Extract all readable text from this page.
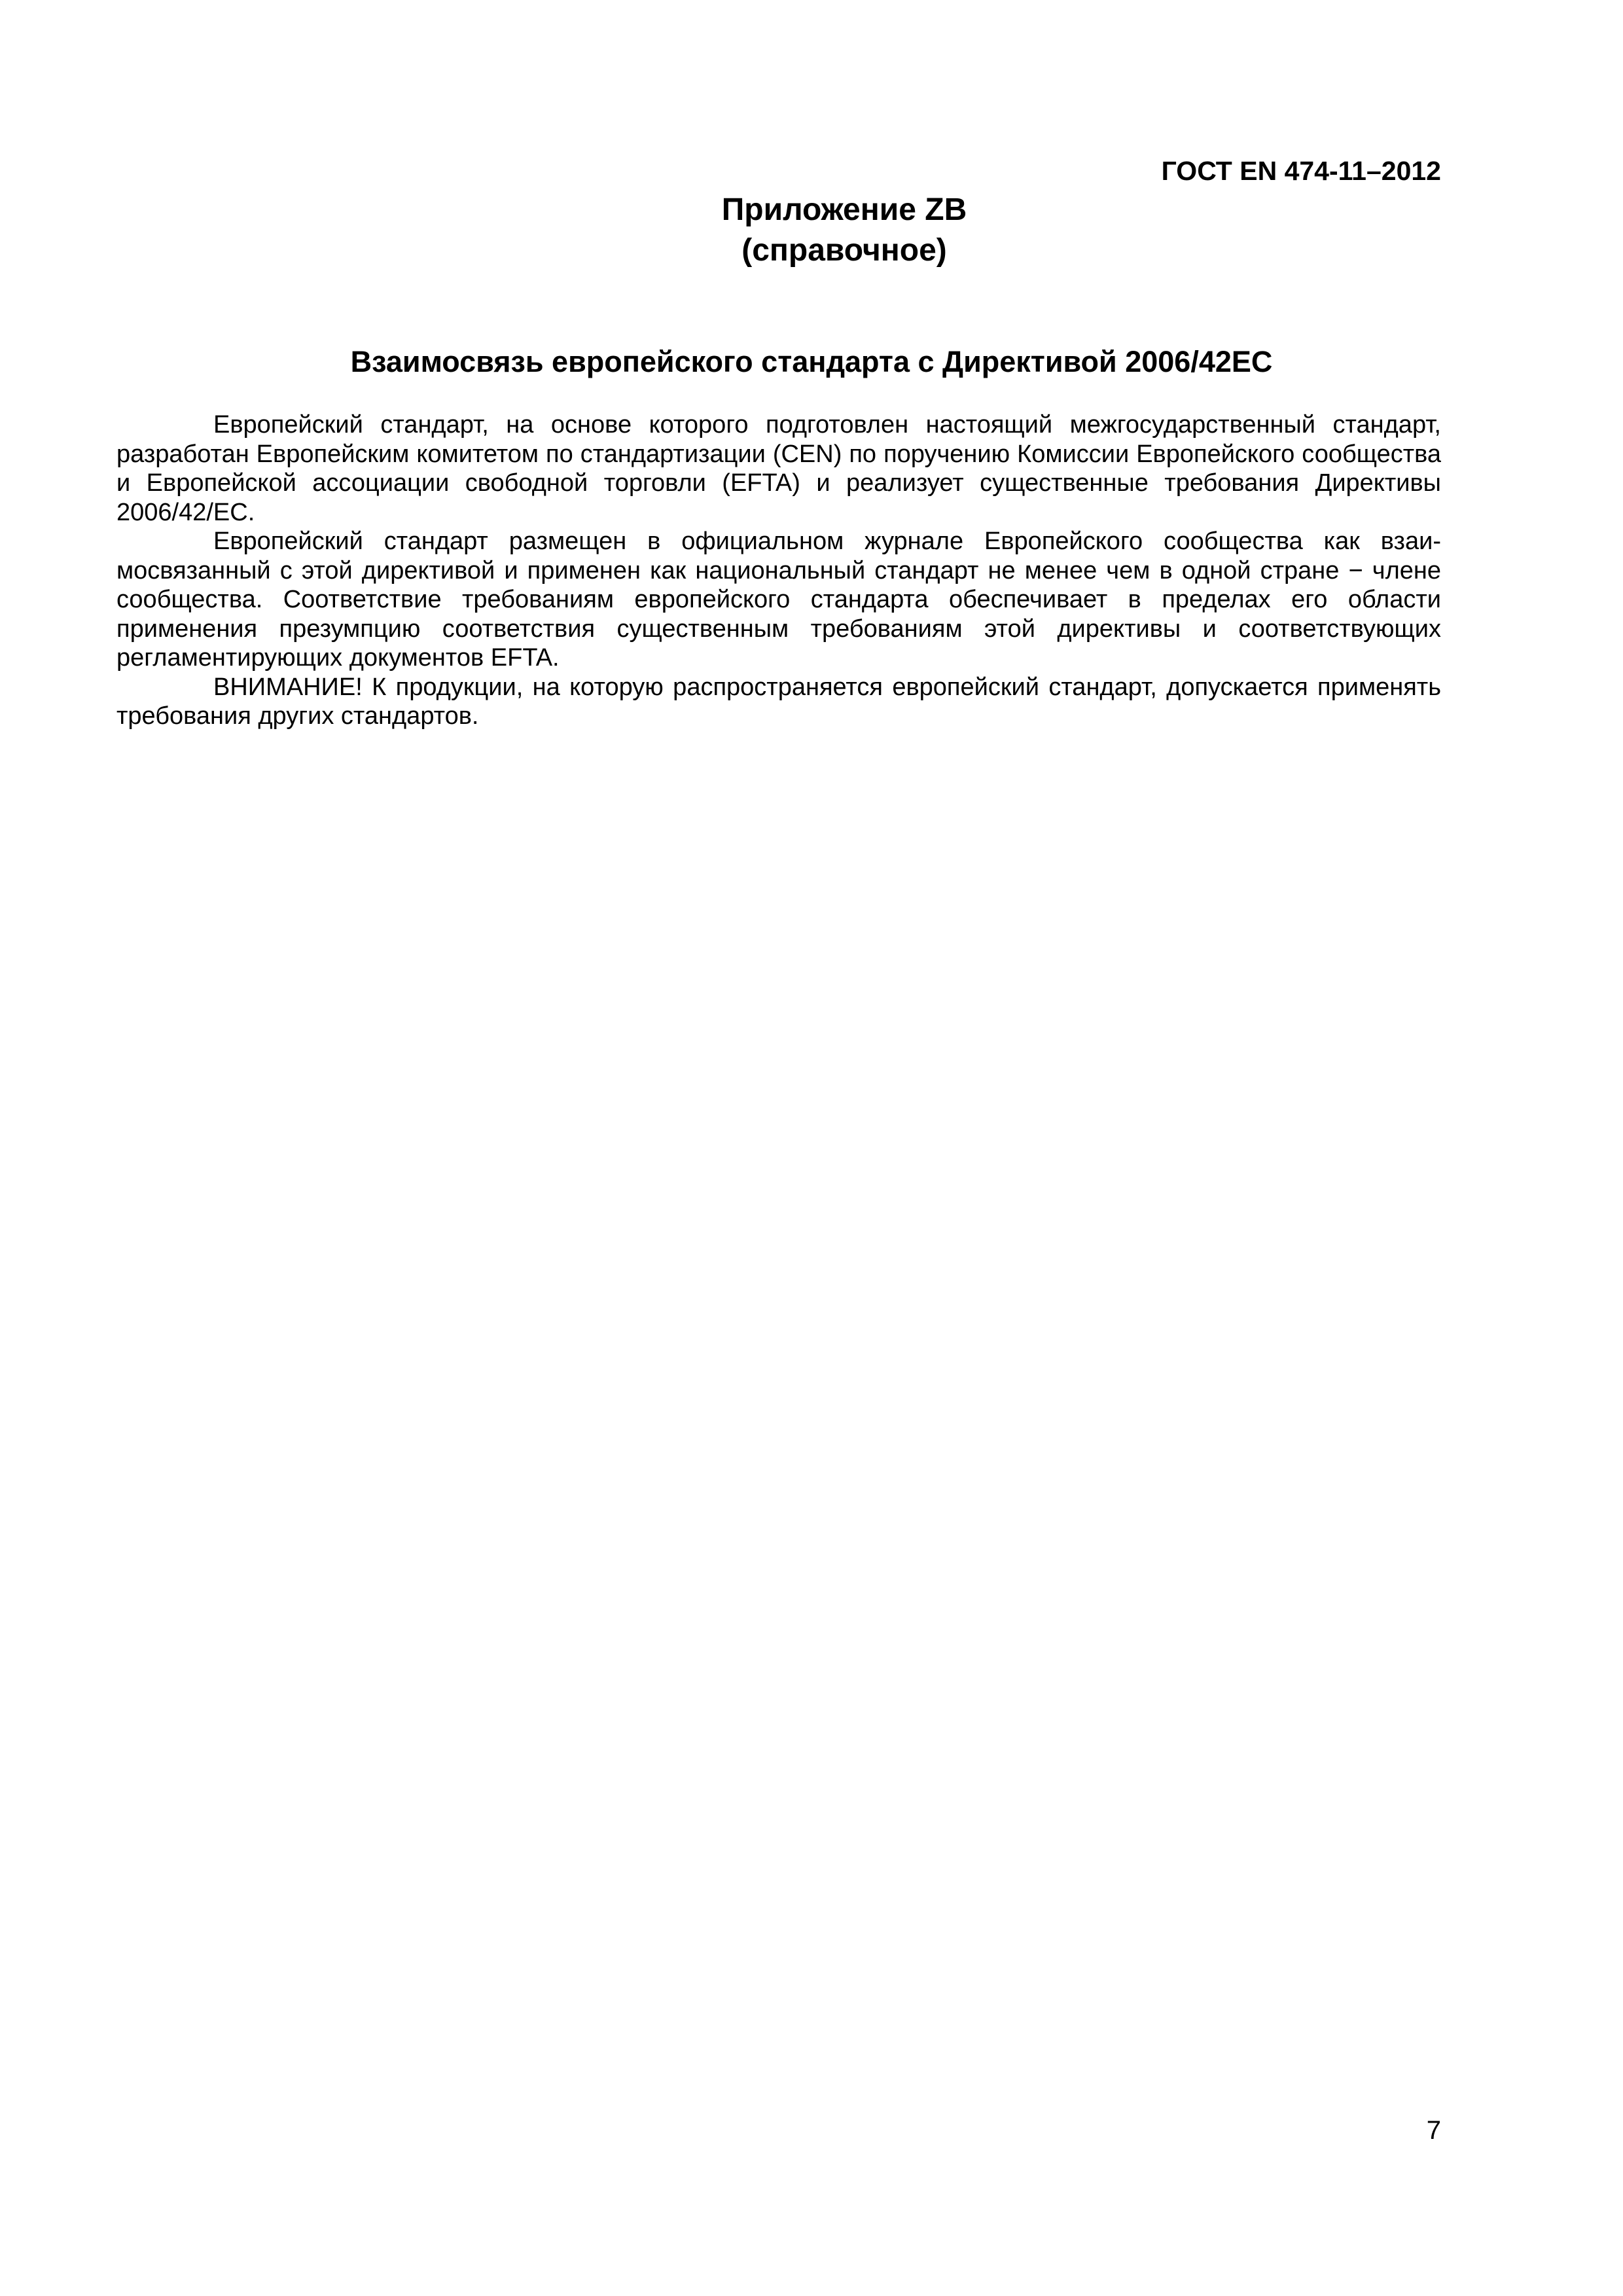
ГОСТ EN 474-11–2012
Приложение ZB
(справочное)
Взаимосвязь европейского стандарта с Директивой 2006/42ЕС

Европейский стандарт, на основе которого подготовлен настоящий межгосударственный стандарт, разработан Европейским комитетом по стандартизации (CEN) по поручению Комиссии Европейского сообщества и Европейской ассоциации свободной торговли (EFTA) и реализует существенные требования Директивы 2006/42/ЕС.

Европейский стандарт размещен в официальном журнале Европейского сообщества как взаимосвязанный с этой директивой и применен как национальный стандарт не менее чем в одной стране − члене сообщества. Соответствие требованиям европейского стандарта обеспечивает в пределах его области применения презумпцию соответствия существенным требованиям этой директивы и соответствующих регламентирующих документов EFTA.

ВНИМАНИЕ! К продукции, на которую распространяется европейский стандарт, допускается применять требования других стандартов.

7
